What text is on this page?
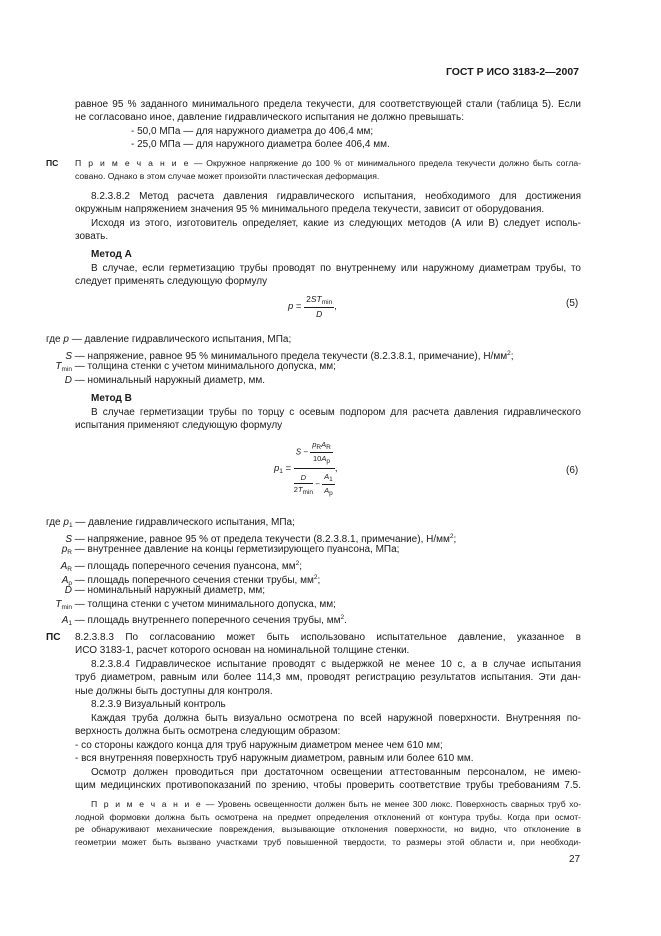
ГОСТ Р ИСО 3183-2—2007
равное 95 % заданного минимального предела текучести, для соответствующей стали (таблица 5). Если
не согласовано иное, давление гидравлического испытания не должно превышать:
- 50,0 МПа — для наружного диаметра до 406,4 мм;
- 25,0 МПа — для наружного диаметра более 406,4 мм.
ПС П р и м е ч а н и е — Окружное напряжение до 100 % от минимального предела текучести должно быть согла-
совано. Однако в этом случае может произойти пластическая деформация.
8.2.3.8.2 Метод расчета давления гидравлического испытания, необходимого для достижения
окружным напряжением значения 95 % минимального предела текучести, зависит от оборудования.
Исходя из этого, изготовитель определяет, какие из следующих методов (А или В) следует исполь-
зовать.
Метод А
В случае, если герметизацию трубы проводят по внутреннему или наружному диаметрам трубы, то
следует применять следующую формулу
$p = \frac{2ST_{min}}{D}$ ,	(5)
где p — давление гидравлического испытания, МПа;
S — напряжение, равное 95 % минимального предела текучести (8.2.3.8.1, примечание), $Н/мм^2$;
$T_{min}$ — толщина стенки с учетом минимального допуска, мм;
D — номинальный наружный диаметр, мм.
Метод В
В случае герметизации трубы по торцу с осевым подпором для расчета давления гидравлического
испытания применяют следующую формулу
$p_1$ =
$S - \frac{\text{pRAR}}{10Ap}$
$\frac{D}{2Tmin} - \frac{A1}{Ap}$
,	(6)
где $p_1$ — давление гидравлического испытания, МПа;
S — напряжение, равное 95 % от предела текучести (8.2.3.8.1, примечание), $Н/мм^2$;
$p_R$ — внутреннее давление на концы герметизирующего пуансона, МПа;
$A_R$ — площадь поперечного сечения пуансона, $мм^2$;
$A_p$ — площадь поперечного сечения стенки трубы, $мм^2$;
D — номинальный наружный диаметр, мм;
$T_{min}$ — толщина стенки с учетом минимального допуска, мм;
$A_1$ — площадь внутреннего поперечного сечения трубы, $мм^2$.
ПС 8.2.3.8.3 По согласованию может быть использовано испытательное давление, указанное в
ИСО 3183-1, расчет которого основан на номинальной толщине стенки.
8.2.3.8.4 Гидравлическое испытание проводят с выдержкой не менее 10 с, а в случае испытания
труб диаметром, равным или более 114,3 мм, проводят регистрацию результатов испытания. Эти дан-
ные должны быть доступны для контроля.
8.2.3.9 Визуальный контроль
Каждая труба должна быть визуально осмотрена по всей наружной поверхности. Внутренняя по-
верхность должна быть осмотрена следующим образом:
- со стороны каждого конца для труб наружным диаметром менее чем 610 мм;
- вся внутренняя поверхность труб наружным диаметром, равным или более 610 мм.
Осмотр должен проводиться при достаточном освещении аттестованным персоналом, не имею-
щим медицинских противопоказаний по зрению, чтобы проверить соответствие трубы требованиям 7.5.
П р и м е ч а н и е — Уровень освещенности должен быть не менее 300 люкс. Поверхность сварных труб хо-
лодной формовки должна быть осмотрена на предмет определения отклонений от контура трубы. Когда при осмот-
ре обнаруживают механические повреждения, вызывающие отклонения поверхности, но видно, что отклонение в
геометрии может быть вызвано участками труб повышенной твердости, то размеры этой области и, при необходи-
27
